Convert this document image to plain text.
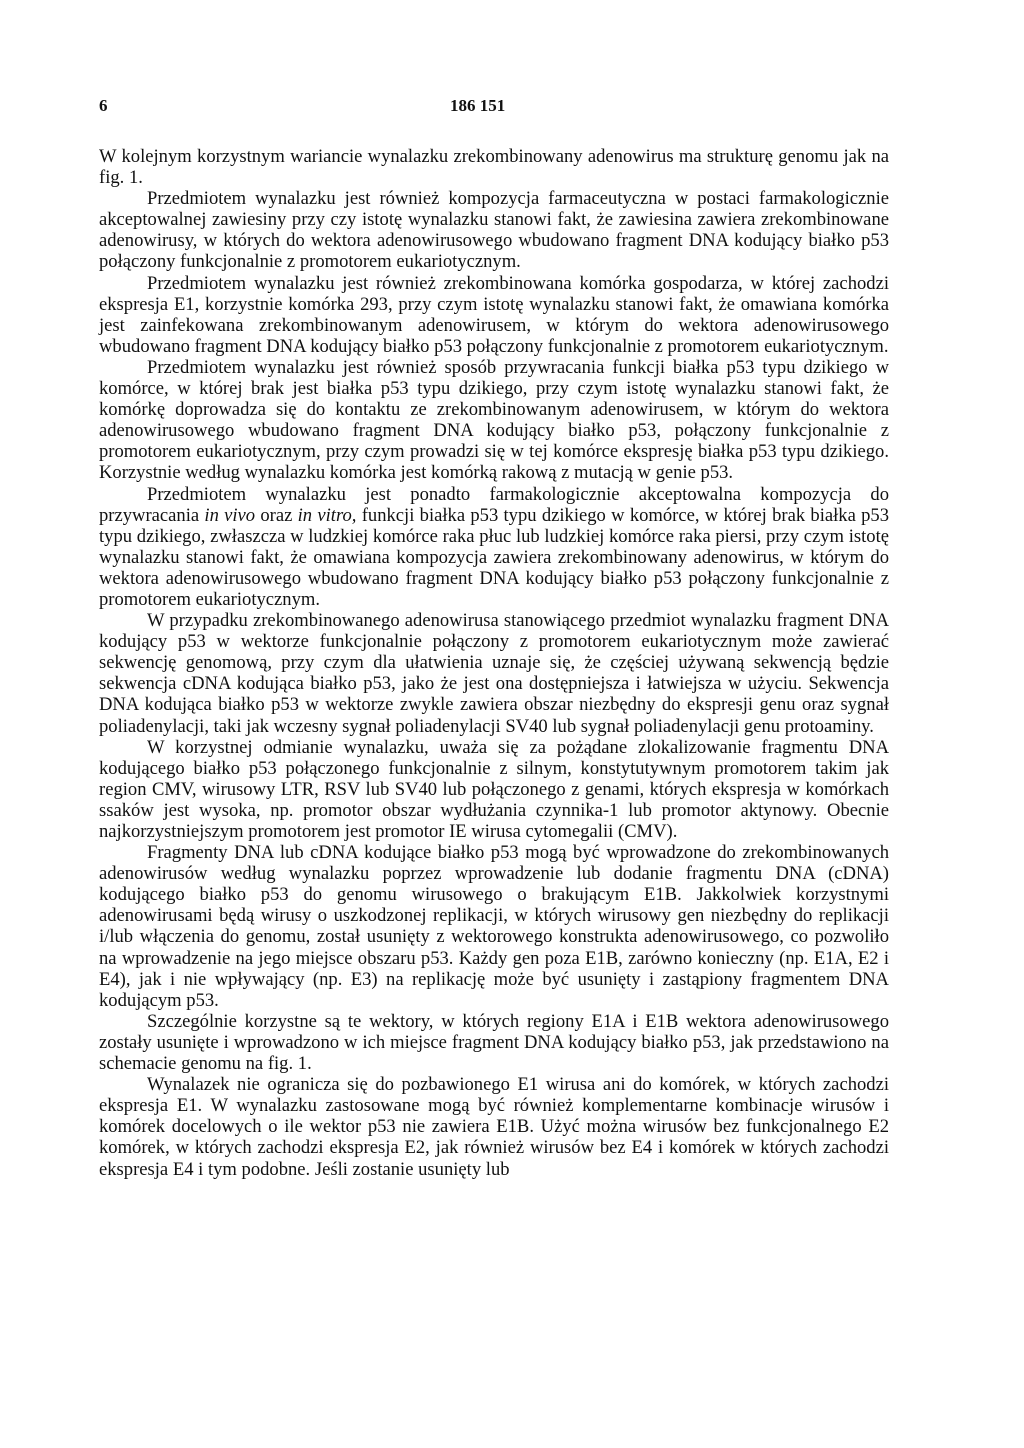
6	186 151

W kolejnym korzystnym wariancie wynalazku zrekombinowany adenowirus ma strukturę genomu jak na fig. 1.

Przedmiotem wynalazku jest również kompozycja farmaceutyczna w postaci farmakologicznie akceptowalnej zawiesiny przy czy istotę wynalazku stanowi fakt, że zawiesina zawiera zrekombinowane adenowirusy, w których do wektora adenowirusowego wbudowano fragment DNA kodujący białko p53 połączony funkcjonalnie z promotorem eukariotycznym.

Przedmiotem wynalazku jest również zrekombinowana komórka gospodarza, w której zachodzi ekspresja E1, korzystnie komórka 293, przy czym istotę wynalazku stanowi fakt, że omawiana komórka jest zainfekowana zrekombinowanym adenowirusem, w którym do wektora adenowirusowego wbudowano fragment DNA kodujący białko p53 połączony funkcjonalnie z promotorem eukariotycznym.

Przedmiotem wynalazku jest również sposób przywracania funkcji białka p53 typu dzikiego w komórce, w której brak jest białka p53 typu dzikiego, przy czym istotę wynalazku stanowi fakt, że komórkę doprowadza się do kontaktu ze zrekombinowanym adenowirusem, w którym do wektora adenowirusowego wbudowano fragment DNA kodujący białko p53, połączony funkcjonalnie z promotorem eukariotycznym, przy czym prowadzi się w tej komórce ekspresję białka p53 typu dzikiego. Korzystnie według wynalazku komórka jest komórką rakową z mutacją w genie p53.

Przedmiotem wynalazku jest ponadto farmakologicznie akceptowalna kompozycja do przywracania in vivo oraz in vitro, funkcji białka p53 typu dzikiego w komórce, w której brak białka p53 typu dzikiego, zwłaszcza w ludzkiej komórce raka płuc lub ludzkiej komórce raka piersi, przy czym istotę wynalazku stanowi fakt, że omawiana kompozycja zawiera zrekombinowany adenowirus, w którym do wektora adenowirusowego wbudowano fragment DNA kodujący białko p53 połączony funkcjonalnie z promotorem eukariotycznym.

W przypadku zrekombinowanego adenowirusa stanowiącego przedmiot wynalazku fragment DNA kodujący p53 w wektorze funkcjonalnie połączony z promotorem eukariotycznym może zawierać sekwencję genomową, przy czym dla ułatwienia uznaje się, że częściej używaną sekwencją będzie sekwencja cDNA kodująca białko p53, jako że jest ona dostępniejsza i łatwiejsza w użyciu. Sekwencja DNA kodująca białko p53 w wektorze zwykle zawiera obszar niezbędny do ekspresji genu oraz sygnał poliadenylacji, taki jak wczesny sygnał poliadenylacji SV40 lub sygnał poliadenylacji genu protoaminy.

W korzystnej odmianie wynalazku, uważa się za pożądane zlokalizowanie fragmentu DNA kodującego białko p53 połączonego funkcjonalnie z silnym, konstytutywnym promotorem takim jak region CMV, wirusowy LTR, RSV lub SV40 lub połączonego z genami, których ekspresja w komórkach ssaków jest wysoka, np. promotor obszar wydłużania czynnika-1 lub promotor aktynowy. Obecnie najkorzystniejszym promotorem jest promotor IE wirusa cytomegalii (CMV).

Fragmenty DNA lub cDNA kodujące białko p53 mogą być wprowadzone do zrekombinowanych adenowirusów według wynalazku poprzez wprowadzenie lub dodanie fragmentu DNA (cDNA) kodującego białko p53 do genomu wirusowego o brakującym E1B. Jakkolwiek korzystnymi adenowirusami będą wirusy o uszkodzonej replikacji, w których wirusowy gen niezbędny do replikacji i/lub włączenia do genomu, został usunięty z wektorowego konstrukta adenowirusowego, co pozwoliło na wprowadzenie na jego miejsce obszaru p53. Każdy gen poza E1B, zarówno konieczny (np. E1A, E2 i E4), jak i nie wpływający (np. E3) na replikację może być usunięty i zastąpiony fragmentem DNA kodującym p53.

Szczególnie korzystne są te wektory, w których regiony E1A i E1B wektora adenowirusowego zostały usunięte i wprowadzono w ich miejsce fragment DNA kodujący białko p53, jak przedstawiono na schemacie genomu na fig. 1.

Wynalazek nie ogranicza się do pozbawionego E1 wirusa ani do komórek, w których zachodzi ekspresja E1. W wynalazku zastosowane mogą być również komplementarne kombinacje wirusów i komórek docelowych o ile wektor p53 nie zawiera E1B. Użyć można wirusów bez funkcjonalnego E2 komórek, w których zachodzi ekspresja E2, jak również wirusów bez E4 i komórek w których zachodzi ekspresja E4 i tym podobne. Jeśli zostanie usunięty lub
